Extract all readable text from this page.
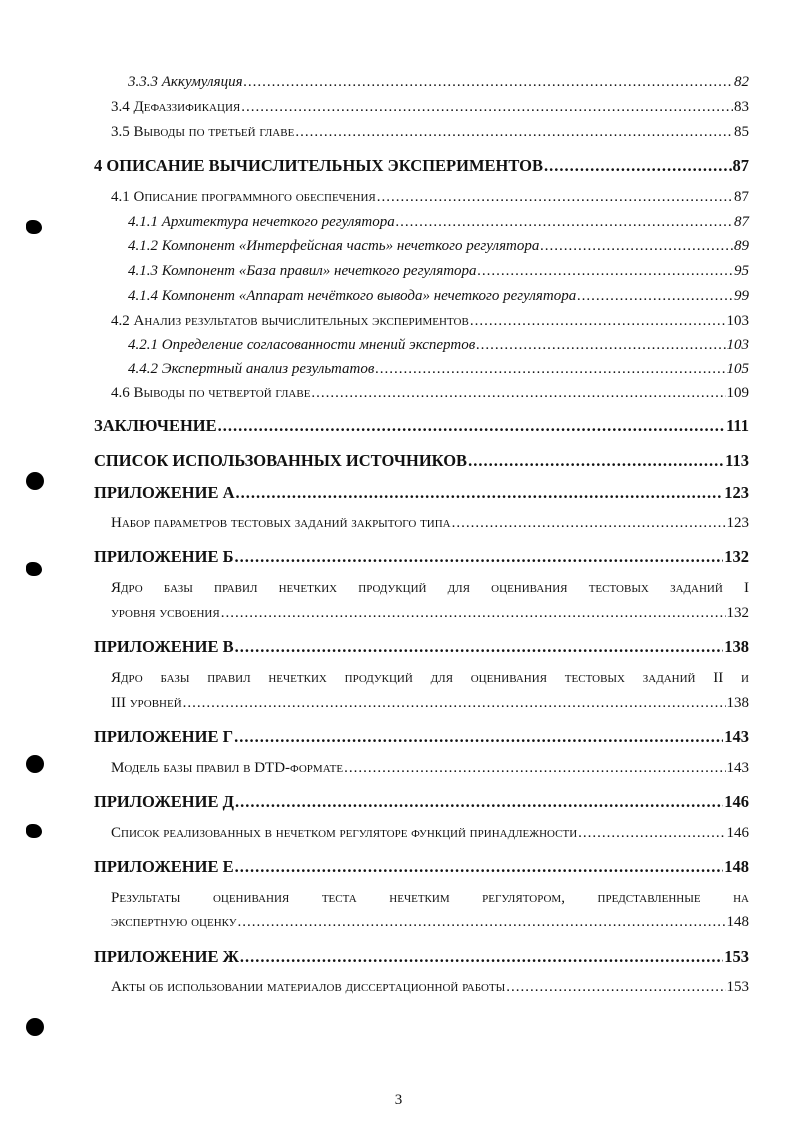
3.3.3 Аккумуляция .....	82
3.4 Дефаззификация .....	83
3.5 Выводы по третьей главе .....	85
4 ОПИСАНИЕ ВЫЧИСЛИТЕЛЬНЫХ ЭКСПЕРИМЕНТОВ .....	87
4.1 Описание программного обеспечения .....	87
4.1.1 Архитектура нечеткого регулятора .....	87
4.1.2 Компонент «Интерфейсная часть» нечеткого регулятора .....	89
4.1.3 Компонент «База правил» нечеткого регулятора .....	95
4.1.4 Компонент «Аппарат нечёткого вывода» нечеткого регулятора .....	99
4.2 Анализ результатов вычислительных экспериментов .....	103
4.2.1 Определение согласованности мнений экспертов .....	103
4.4.2 Экспертный анализ результатов .....	105
4.6 Выводы по четвертой главе .....	109
ЗАКЛЮЧЕНИЕ .....	111
СПИСОК ИСПОЛЬЗОВАННЫХ ИСТОЧНИКОВ .....	113
ПРИЛОЖЕНИЕ А .....	123
Набор параметров тестовых заданий закрытого типа .....	123
ПРИЛОЖЕНИЕ Б .....	132
Ядро базы правил нечетких продукций для оценивания тестовых заданий I
уровня усвоения .....	132
ПРИЛОЖЕНИЕ В .....	138
Ядро базы правил нечетких продукций для оценивания тестовых заданий II и
III уровней .....	138
ПРИЛОЖЕНИЕ Г .....	143
Модель базы правил в DTD-формате .....	143
ПРИЛОЖЕНИЕ Д .....	146
Список реализованных в нечетком регуляторе функций принадлежности .....	146
ПРИЛОЖЕНИЕ Е .....	148
Результаты оценивания теста нечетким регулятором, представленные на
экспертную оценку .....	148
ПРИЛОЖЕНИЕ Ж .....	153
Акты об использовании материалов диссертационной работы .....	153
3
